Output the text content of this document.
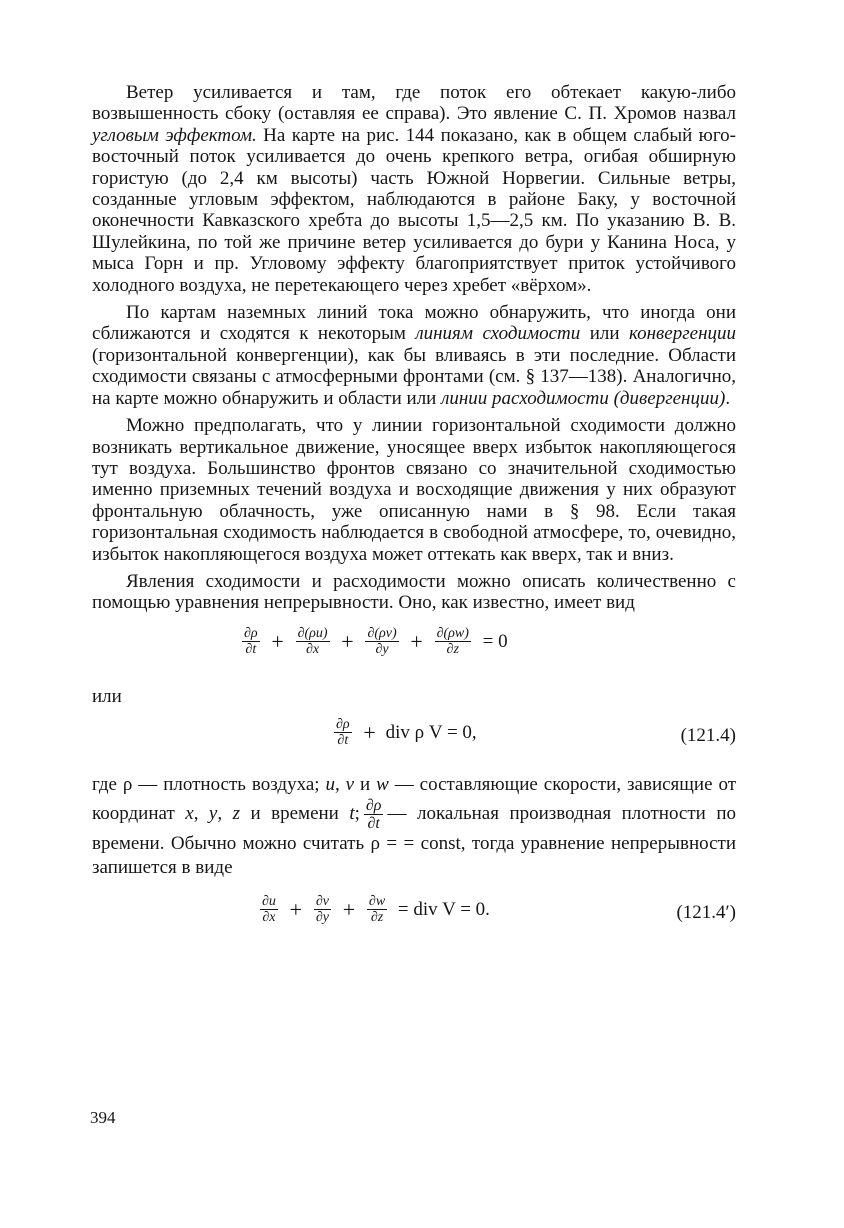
Ветер усиливается и там, где поток его обтекает какую-либо возвышенность сбоку (оставляя ее справа). Это явление С. П. Хромов назвал угловым эффектом. На карте на рис. 144 показано, как в общем слабый юго-восточный поток усиливается до очень крепкого ветра, огибая обширную гористую (до 2,4 км высоты) часть Южной Норвегии. Сильные ветры, созданные угловым эффектом, наблюдаются в районе Баку, у восточной оконечности Кавказского хребта до высоты 1,5—2,5 км. По указанию В. В. Шулейкина, по той же причине ветер усиливается до бури у Канина Носа, у мыса Горн и пр. Угловому эффекту благоприятствует приток устойчивого холодного воздуха, не перетекающего через хребет «вёрхом».

По картам наземных линий тока можно обнаружить, что иногда они сближаются и сходятся к некоторым линиям сходимости или конвергенции (горизонтальной конвергенции), как бы вливаясь в эти последние. Области сходимости связаны с атмосферными фронтами (см. § 137—138). Аналогично, на карте можно обнаружить и области или линии расходимости (дивергенции).

Можно предполагать, что у линии горизонтальной сходимости должно возникать вертикальное движение, уносящее вверх избыток накопляющегося тут воздуха. Большинство фронтов связано со значительной сходимостью именно приземных течений воздуха и восходящие движения у них образуют фронтальную облачность, уже описанную нами в § 98. Если такая горизонтальная сходимость наблюдается в свободной атмосфере, то, очевидно, избыток накопляющегося воздуха может оттекать как вверх, так и вниз.

Явления сходимости и расходимости можно описать количественно с помощью уравнения непрерывности. Оно, как известно, имеет вид

$\frac{\partial\rho}{\partial t} + \frac{\partial(\rho u)}{\partial x} + \frac{\partial(\rho v)}{\partial y} + \frac{\partial(\rho w)}{\partial z} = 0$

или

$\frac{\partial\rho}{\partial t}$ + div ρ V = 0,	(121.4)

где ρ — плотность воздуха; u, v и w — составляющие скорости, зависящие от координат x, y, z и времени t; $\frac{\partial\rho}{\partial t}$ — локальная производная плотности по времени. Обычно можно считать ρ = = const, тогда уравнение непрерывности запишется в виде

$\frac{\partial u}{\partial x} + \frac{\partial v}{\partial y} + \frac{\partial w}{\partial z}$ = div V = 0.	(121.4′)
394
